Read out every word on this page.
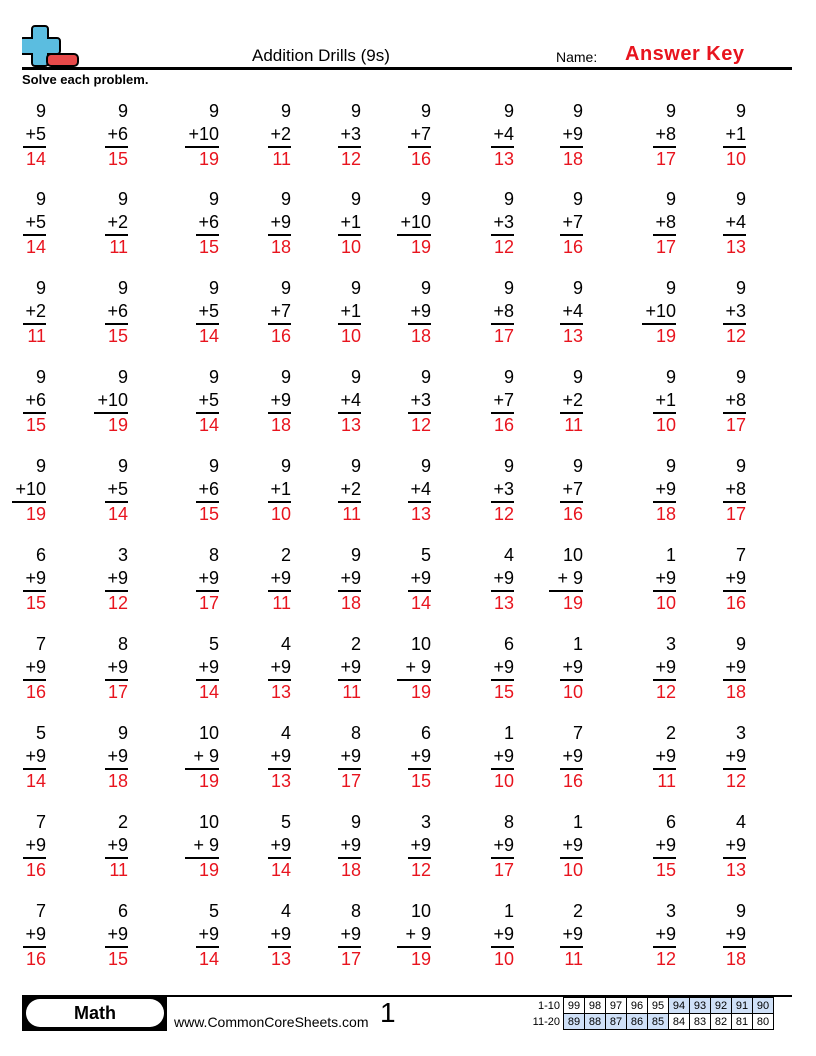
Addition Drills (9s)	Name: Answer Key
Solve each problem.
9
+5
14
9
+6
15
9
+10
19
9
+2
11
9
+3
12
9
+7
16
9
+4
13
9
+9
18
9
+8
17
9
+1
10
9
+5
14
9
+2
11
9
+6
15
9
+9
18
9
+1
10
9
+10
19
9
+3
12
9
+7
16
9
+8
17
9
+4
13
9
+2
11
9
+6
15
9
+5
14
9
+7
16
9
+1
10
9
+9
18
9
+8
17
9
+4
13
9
+10
19
9
+3
12
9
+6
15
9
+10
19
9
+5
14
9
+9
18
9
+4
13
9
+3
12
9
+7
16
9
+2
11
9
+1
10
9
+8
17
9
+10
19
9
+5
14
9
+6
15
9
+1
10
9
+2
11
9
+4
13
9
+3
12
9
+7
16
9
+9
18
9
+8
17
6
+9
15
3
+9
12
8
+9
17
2
+9
11
9
+9
18
5
+9
14
4
+9
13
10
+ 9
19
1
+9
10
7
+9
16
7
+9
16
8
+9
17
5
+9
14
4
+9
13
2
+9
11
10
+ 9
19
6
+9
15
1
+9
10
3
+9
12
9
+9
18
5
+9
14
9
+9
18
10
+ 9
19
4
+9
13
8
+9
17
6
+9
15
1
+9
10
7
+9
16
2
+9
11
3
+9
12
7
+9
16
2
+9
11
10
+ 9
19
5
+9
14
9
+9
18
3
+9
12
8
+9
17
1
+9
10
6
+9
15
4
+9
13
7
+9
16
6
+9
15
5
+9
14
4
+9
13
8
+9
17
10
+ 9
19
1
+9
10
2
+9
11
3
+9
12
9
+9
18
Math	www.CommonCoreSheets.com 1	1-10	99	98	97	96	95	94	93	92	91	90
11-20	89	88	87	86	85	84	83	82	81	80
